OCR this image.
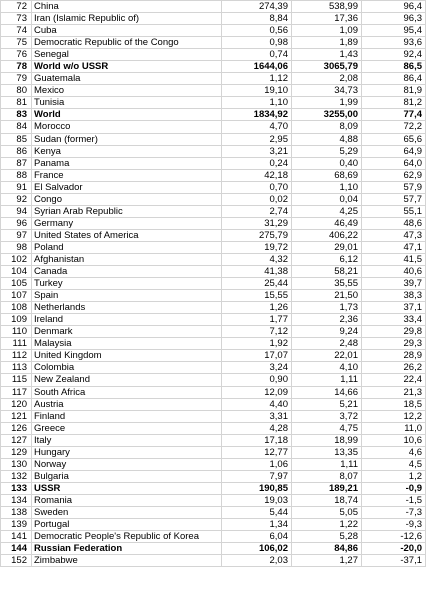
72	China	274,39	538,99	96,4
73	Iran (Islamic Republic of)	8,84	17,36	96,3
74	Cuba	0,56	1,09	95,4
75	Democratic Republic of the Congo	0,98	1,89	93,6
76	Senegal	0,74	1,43	92,4
78	World w/o USSR	1644,06	3065,79	86,5
79	Guatemala	1,12	2,08	86,4
80	Mexico	19,10	34,73	81,9
81	Tunisia	1,10	1,99	81,2
83	World	1834,92	3255,00	77,4
84	Morocco	4,70	8,09	72,2
85	Sudan (former)	2,95	4,88	65,6
86	Kenya	3,21	5,29	64,9
87	Panama	0,24	0,40	64,0
88	France	42,18	68,69	62,9
91	El Salvador	0,70	1,10	57,9
92	Congo	0,02	0,04	57,7
94	Syrian Arab Republic	2,74	4,25	55,1
96	Germany	31,29	46,49	48,6
97	United States of America	275,79	406,22	47,3
98	Poland	19,72	29,01	47,1
102	Afghanistan	4,32	6,12	41,5
104	Canada	41,38	58,21	40,6
105	Turkey	25,44	35,55	39,7
107	Spain	15,55	21,50	38,3
108	Netherlands	1,26	1,73	37,1
109	Ireland	1,77	2,36	33,4
110	Denmark	7,12	9,24	29,8
111	Malaysia	1,92	2,48	29,3
112	United Kingdom	17,07	22,01	28,9
113	Colombia	3,24	4,10	26,2
115	New Zealand	0,90	1,11	22,4
117	South Africa	12,09	14,66	21,3
120	Austria	4,40	5,21	18,5
121	Finland	3,31	3,72	12,2
126	Greece	4,28	4,75	11,0
127	Italy	17,18	18,99	10,6
129	Hungary	12,77	13,35	4,6
130	Norway	1,06	1,11	4,5
132	Bulgaria	7,97	8,07	1,2
133	USSR	190,85	189,21	-0,9
134	Romania	19,03	18,74	-1,5
138	Sweden	5,44	5,05	-7,3
139	Portugal	1,34	1,22	-9,3
141	Democratic People's Republic of Korea	6,04	5,28	-12,6
144	Russian Federation	106,02	84,86	-20,0
152	Zimbabwe	2,03	1,27	-37,1
